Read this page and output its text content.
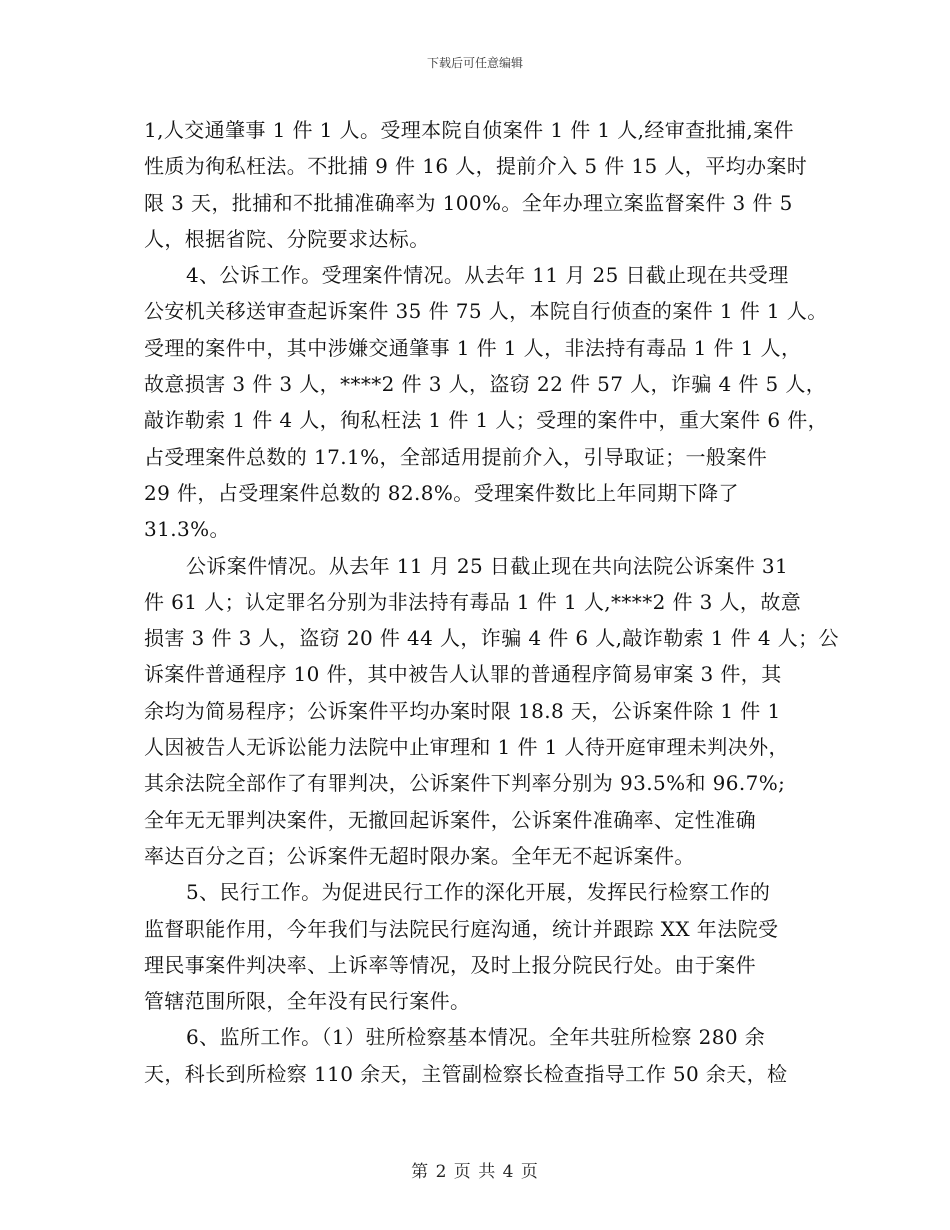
下载后可任意编辑
1,人交通肇事 1 件 1 人。受理本院自侦案件 1 件 1 人,经审查批捕,案件
性质为徇私枉法。不批捕 9 件 16 人，提前介入 5 件 15 人，平均办案时
限 3 天，批捕和不批捕准确率为 100%。全年办理立案监督案件 3 件 5
人，根据省院、分院要求达标。
4、公诉工作。受理案件情况。从去年 11 月 25 日截止现在共受理
公安机关移送审查起诉案件 35 件 75 人，本院自行侦查的案件 1 件 1 人。
受理的案件中，其中涉嫌交通肇事 1 件 1 人，非法持有毒品 1 件 1 人，
故意损害 3 件 3 人，****2 件 3 人，盗窃 22 件 57 人，诈骗 4 件 5 人，
敲诈勒索 1 件 4 人，徇私枉法 1 件 1 人；受理的案件中，重大案件 6 件，
占受理案件总数的 17.1%，全部适用提前介入，引导取证；一般案件
29 件，占受理案件总数的 82.8%。受理案件数比上年同期下降了
31.3%。
公诉案件情况。从去年 11 月 25 日截止现在共向法院公诉案件 31
件 61 人；认定罪名分别为非法持有毒品 1 件 1 人,****2 件 3 人，故意
损害 3 件 3 人，盗窃 20 件 44 人，诈骗 4 件 6 人,敲诈勒索 1 件 4 人；公
诉案件普通程序 10 件，其中被告人认罪的普通程序简易审案 3 件，其
余均为简易程序；公诉案件平均办案时限 18.8 天，公诉案件除 1 件 1
人因被告人无诉讼能力法院中止审理和 1 件 1 人待开庭审理未判决外，
其余法院全部作了有罪判决，公诉案件下判率分别为 93.5%和 96.7%;
全年无无罪判决案件，无撤回起诉案件，公诉案件准确率、定性准确
率达百分之百；公诉案件无超时限办案。全年无不起诉案件。
5、民行工作。为促进民行工作的深化开展，发挥民行检察工作的
监督职能作用，今年我们与法院民行庭沟通，统计并跟踪 XX 年法院受
理民事案件判决率、上诉率等情况，及时上报分院民行处。由于案件
管辖范围所限，全年没有民行案件。
6、监所工作。（1）驻所检察基本情况。全年共驻所检察 280 余
天，科长到所检察 110 余天，主管副检察长检查指导工作 50 余天，检
第 2 页 共 4 页
